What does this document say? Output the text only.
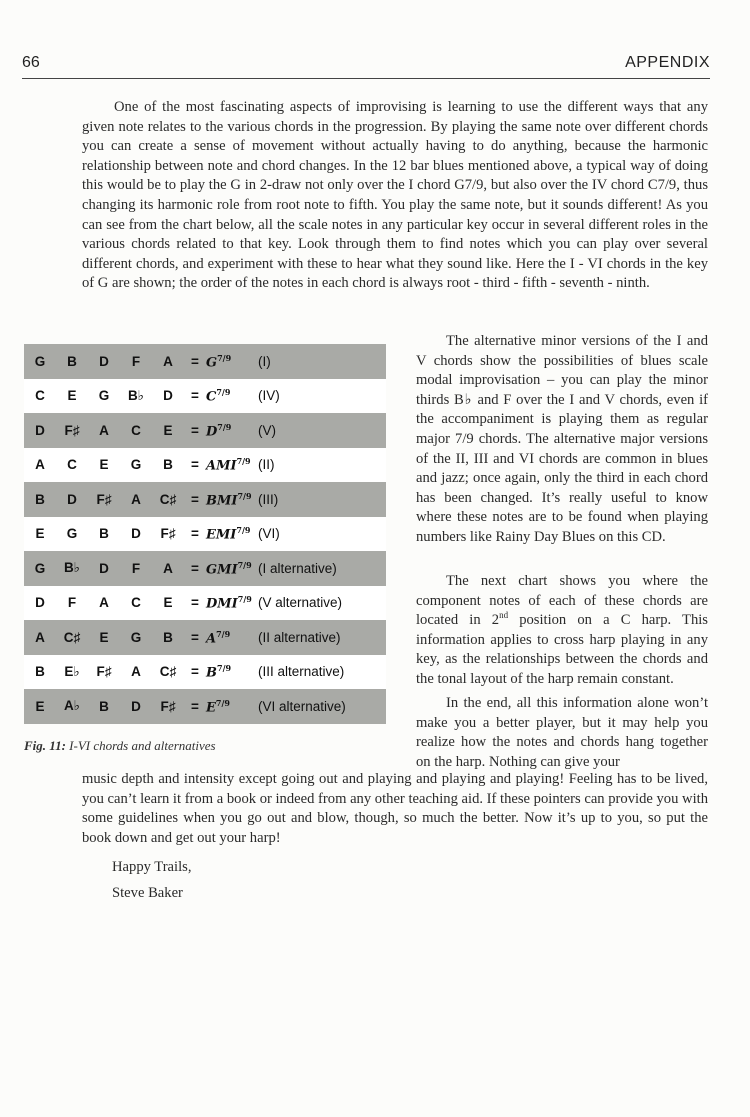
66	APPENDIX

One of the most fascinating aspects of improvising is learning to use the different ways that any given note relates to the various chords in the progression. By playing the same note over different chords you can create a sense of movement without actually having to do anything, because the harmonic relationship between note and chord changes. In the 12 bar blues mentioned above, a typical way of doing this would be to play the G in 2-draw not only over the I chord G7/9, but also over the IV chord C7/9, thus changing its harmonic role from root note to fifth. You play the same note, but it sounds different! As you can see from the chart below, all the scale notes in any particular key occur in several different roles in the various chords related to that key. Look through them to find notes which you can play over several different chords, and experiment with these to hear what they sound like. Here the I - VI chords in the key of G are shown; the order of the notes in each chord is always root - third - fifth - seventh - ninth.

G	B	D	F	A	=	$G^{7/9}$	(I)
C	E	G	B♭	D	=	$C^{7/9}$	(IV)
D	F♯	A	C	E	=	$D^{7/9}$	(V)
A	C	E	G	B	=	$AMI^{7/9}$	(II)
B	D	F♯	A	C♯	=	$BMI^{7/9}$	(III)
E	G	B	D	F♯	=	$EMI^{7/9}$	(VI)
G	B♭	D	F	A	=	$GMI^{7/9}$	(I alternative)
D	F	A	C	E	=	$DMI^{7/9}$	(V alternative)
A	C♯	E	G	B	=	$A^{7/9}$	(II alternative)
B	E♭	F♯	A	C♯	=	$B^{7/9}$	(III alternative)
E	A♭	B	D	F♯	=	$E^{7/9}$	(VI alternative)
Fig. 11: I-VI chords and alternatives

The alternative minor versions of the I and V chords show the possibilities of blues scale modal improvisation – you can play the minor thirds B♭ and F over the I and V chords, even if the accompaniment is playing them as regular major 7/9 chords. The alternative major versions of the II, III and VI chords are common in blues and jazz; once again, only the third in each chord has been changed. It’s really useful to know where these notes are to be found when playing numbers like Rainy Day Blues on this CD.

The next chart shows you where the component notes of each of these chords are located in 2nd position on a C harp. This information applies to cross harp playing in any key, as the relationships between the chords and the tonal layout of the harp remain constant.

In the end, all this information alone won’t make you a better player, but it may help you realize how the notes and chords hang together on the harp. Nothing can give your

music depth and intensity except going out and playing and playing and playing! Feeling has to be lived, you can’t learn it from a book or indeed from any other teaching aid. If these pointers can provide you with some guidelines when you go out and blow, though, so much the better. Now it’s up to you, so put the book down and get out your harp!

Happy Trails,

Steve Baker
